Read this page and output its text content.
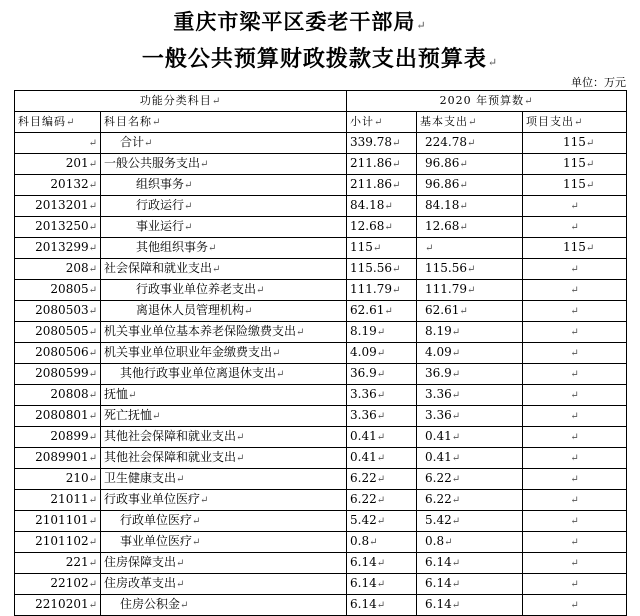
重庆市梁平区委老干部局↵
一般公共预算财政拨款支出预算表↵
单位：万元
功能分类科目↵		2020 年预算数↵		
科目编码↵	科目名称↵	小计↵	基本支出↵	项目支出↵
↵	合计↵	339.78↵	224.78↵	115↵
201↵	一般公共服务支出↵	211.86↵	96.86↵	115↵
20132↵	组织事务↵	211.86↵	96.86↵	115↵
2013201↵	行政运行↵	84.18↵	84.18↵	↵
2013250↵	事业运行↵	12.68↵	12.68↵	↵
2013299↵	其他组织事务↵	115↵	↵	115↵
208↵	社会保障和就业支出↵	115.56↵	115.56↵	↵
20805↵	行政事业单位养老支出↵	111.79↵	111.79↵	↵
2080503↵	离退休人员管理机构↵	62.61↵	62.61↵	↵
2080505↵	机关事业单位基本养老保险缴费支出↵	8.19↵	8.19↵	↵
2080506↵	机关事业单位职业年金缴费支出↵	4.09↵	4.09↵	↵
2080599↵	其他行政事业单位离退休支出↵	36.9↵	36.9↵	↵
20808↵	抚恤↵	3.36↵	3.36↵	↵
2080801↵	死亡抚恤↵	3.36↵	3.36↵	↵
20899↵	其他社会保障和就业支出↵	0.41↵	0.41↵	↵
2089901↵	其他社会保障和就业支出↵	0.41↵	0.41↵	↵
210↵	卫生健康支出↵	6.22↵	6.22↵	↵
21011↵	行政事业单位医疗↵	6.22↵	6.22↵	↵
2101101↵	行政单位医疗↵	5.42↵	5.42↵	↵
2101102↵	事业单位医疗↵	0.8↵	0.8↵	↵
221↵	住房保障支出↵	6.14↵	6.14↵	↵
22102↵	住房改革支出↵	6.14↵	6.14↵	↵
2210201↵	住房公积金↵	6.14↵	6.14↵	↵
